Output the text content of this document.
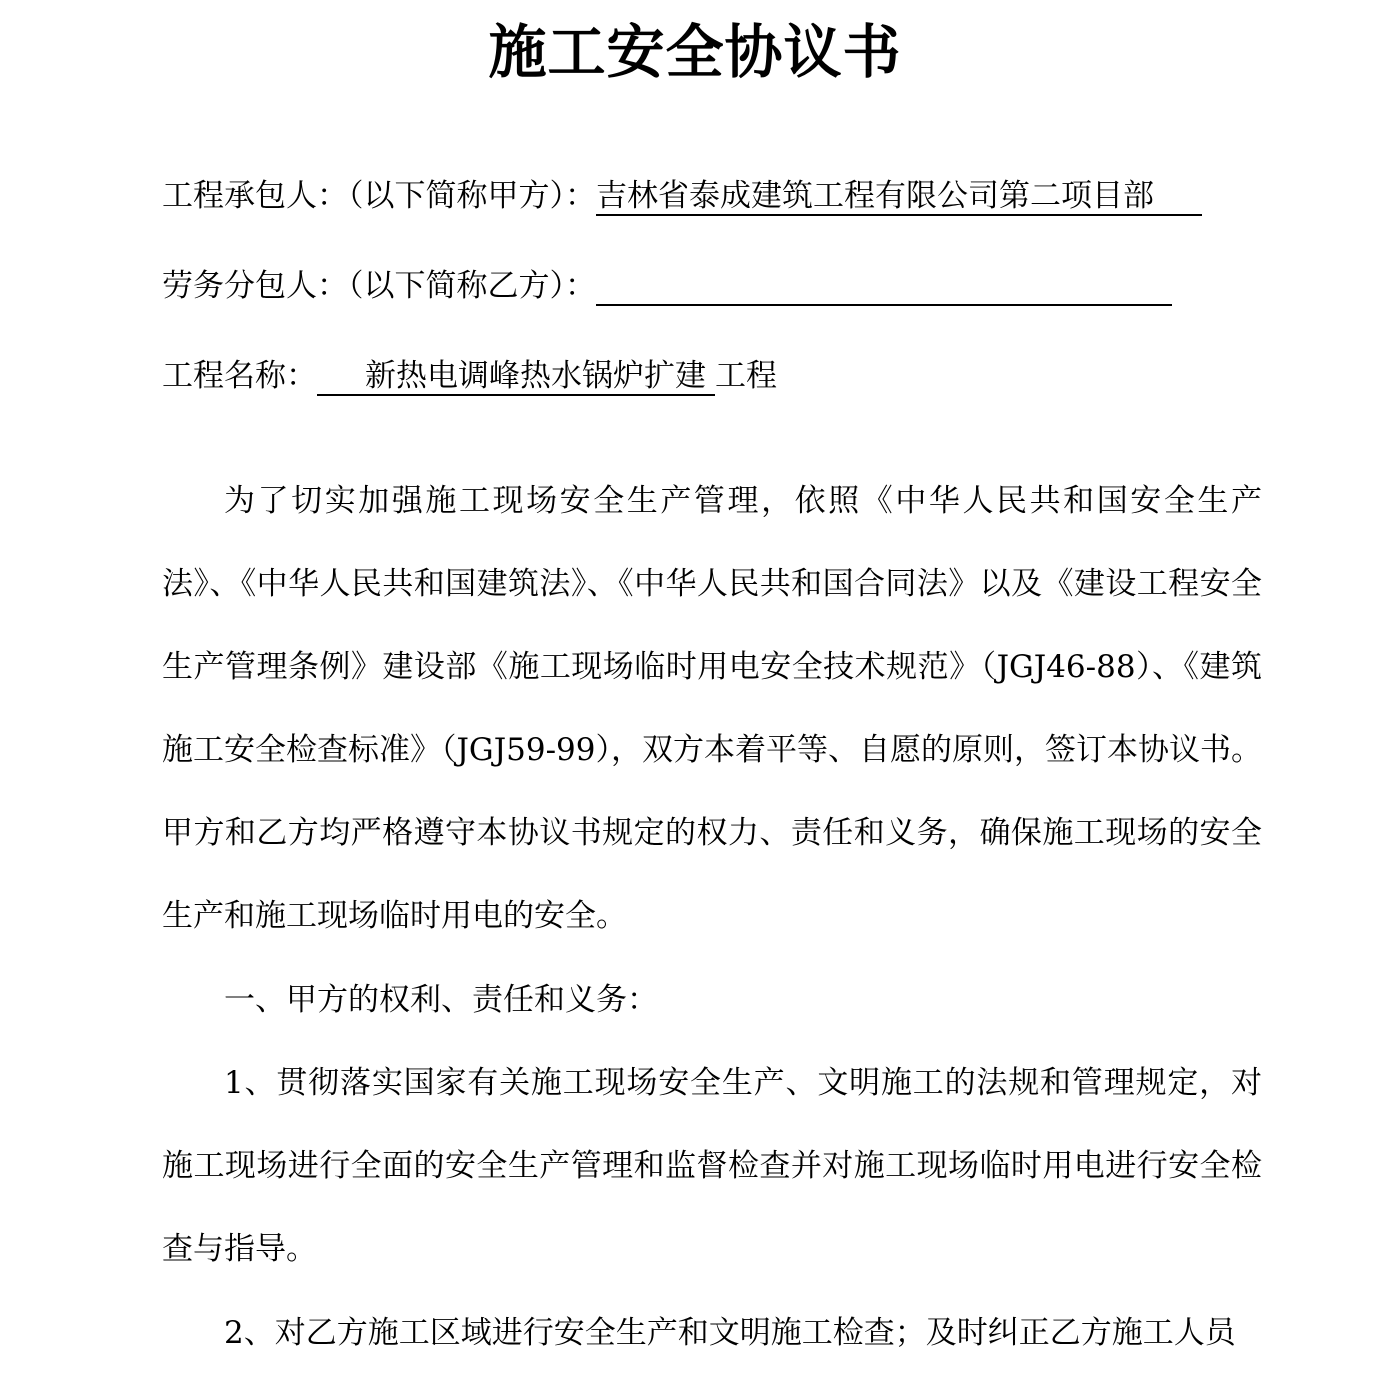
施工安全协议书
工程承包人：（以下简称甲方）：吉林省泰成建筑工程有限公司第二项目部
劳务分包人：（以下简称乙方）：
工程名称： 新热电调峰热水锅炉扩建 工程

为了切实加强施工现场安全生产管理，依照《中华人民共和国安全生产法》、《中华人民共和国建筑法》、《中华人民共和国合同法》以及《建设工程安全生产管理条例》建设部《施工现场临时用电安全技术规范》（JGJ46-88）、《建筑施工安全检查标准》（JGJ59-99），双方本着平等、自愿的原则，签订本协议书。甲方和乙方均严格遵守本协议书规定的权力、责任和义务，确保施工现场的安全生产和施工现场临时用电的安全。

一、甲方的权利、责任和义务：

1、贯彻落实国家有关施工现场安全生产、文明施工的法规和管理规定，对施工现场进行全面的安全生产管理和监督检查并对施工现场临时用电进行安全检查与指导。

2、对乙方施工区域进行安全生产和文明施工检查；及时纠正乙方施工人员
